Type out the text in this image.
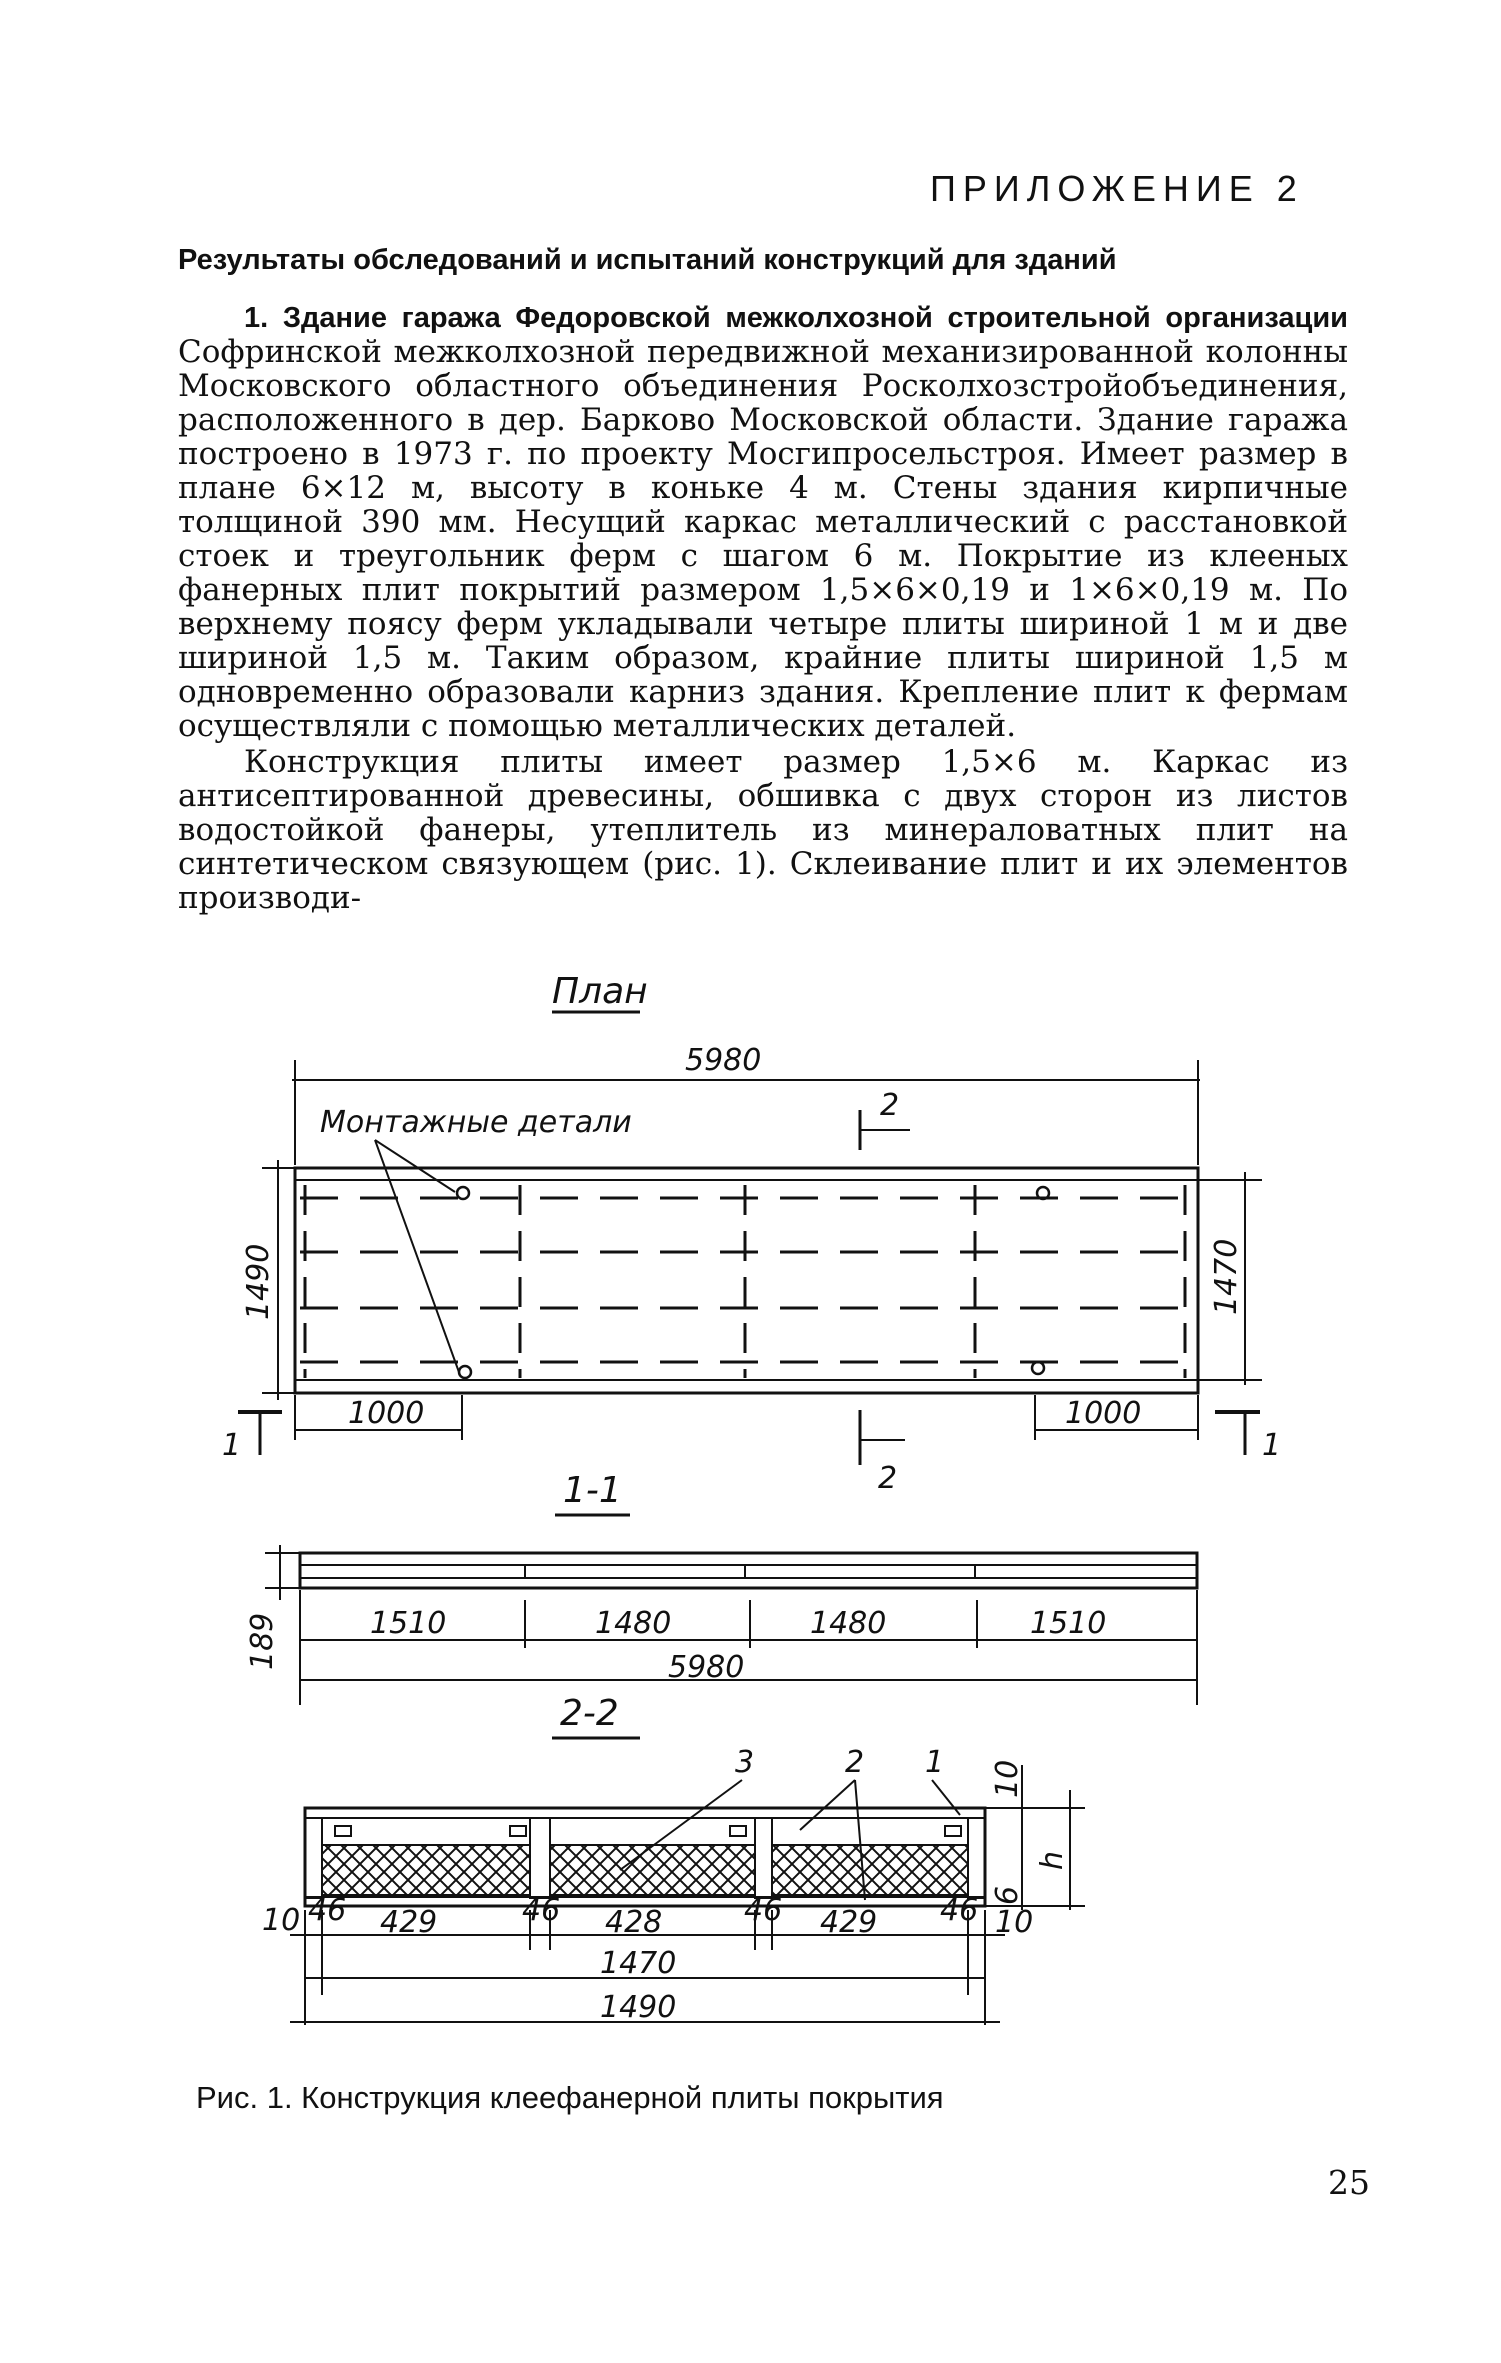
ПРИЛОЖЕНИЕ 2
Результаты обследований и испытаний конструкций для зданий

1. Здание гаража Федоровской межколхозной строительной организации Софринской межколхозной передвижной механизированной колонны Московского областного объединения Росколхозстройобъединения, расположенного в дер. Барково Московской области. Здание гаража построено в 1973 г. по проекту Мосгипросельстроя. Имеет размер в плане 6×12 м, высоту в коньке 4 м. Стены здания кирпичные толщиной 390 мм. Несущий каркас металлический с расстановкой стоек и треугольник ферм с шагом 6 м. Покрытие из клееных фанерных плит покрытий размером 1,5×6×0,19 и 1×6×0,19 м. По верхнему поясу ферм укладывали четыре плиты шириной 1 м и две шириной 1,5 м. Таким образом, крайние плиты шириной 1,5 м одновременно образовали карниз здания. Крепление плит к фермам осуществляли с помощью металлических деталей.

Конструкция плиты имеет размер 1,5×6 м. Каркас из антисептированной древесины, обшивка с двух сторон из листов водостойкой фанеры, утеплитель из минераловатных плит на синтетическом связующем (рис. 1). Склеивание плит и их элементов производи-

План
5980
Монтажные детали	2
1490	1470
1000	1000
1	1
2
1-1
189	1510	1480	1480	1510
5980
2-2
3	2 1 10
6
h
10 46 429	46 428	46 429 46 10
1470
1490
Рис. 1. Конструкция клеефанерной плиты покрытия
25
